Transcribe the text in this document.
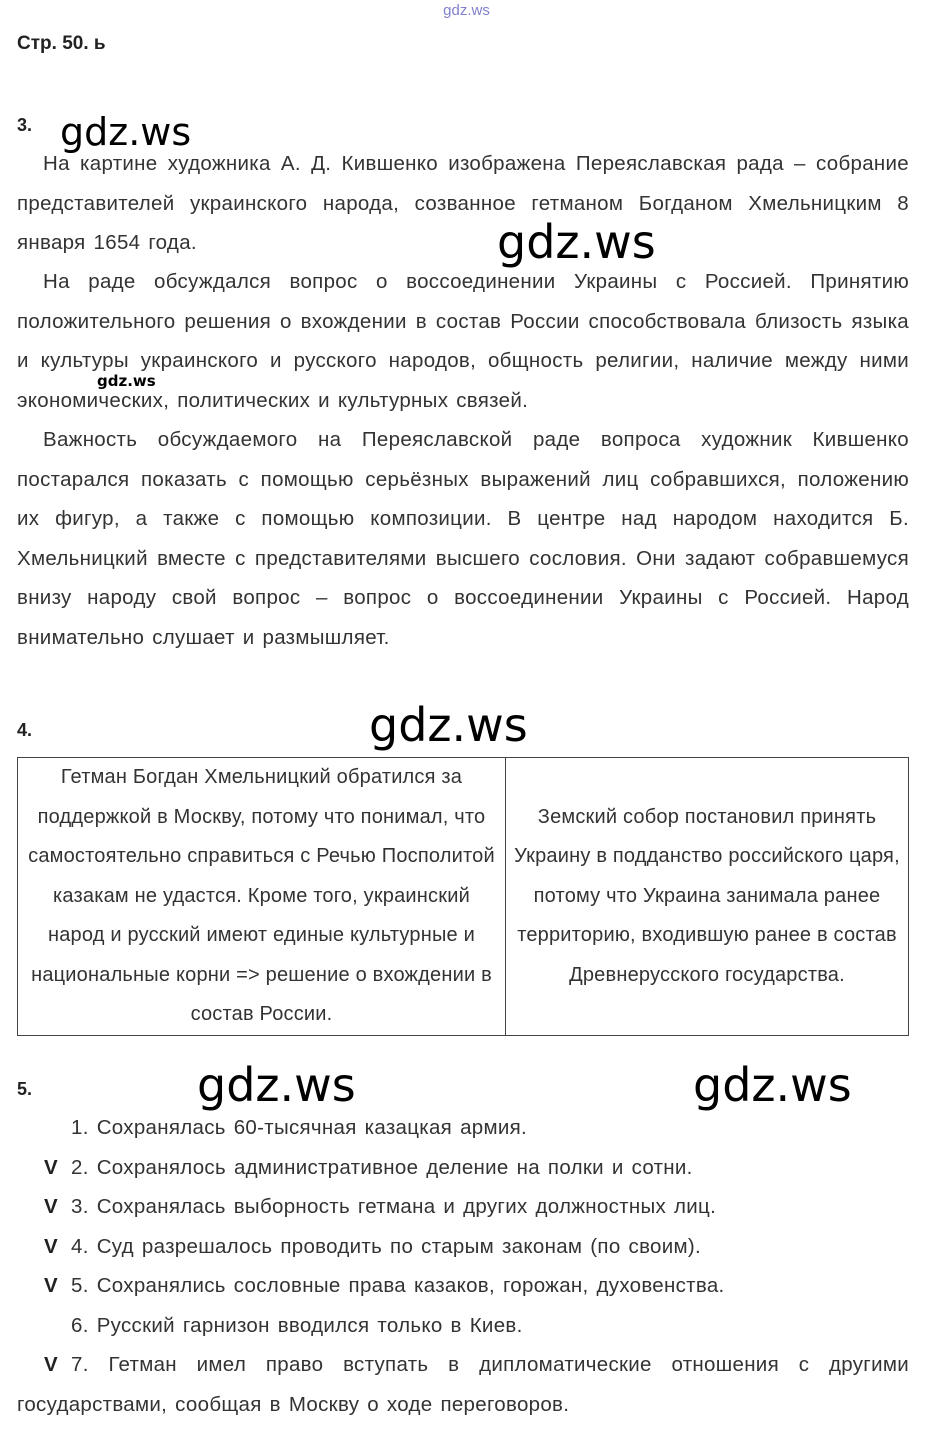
gdz.ws
Стр. 50. ь
3. gdz.ws

На картине художника А. Д. Кившенко изображена Переяславская рада – собрание представителей украинского народа, созванное гетманом Богданом Хмельницким 8 января 1654 года.	gdz.ws

На раде обсуждался вопрос о воссоединении Украины с Россией. Принятию положительного решения о вхождении в состав России способствовала близость языка и культуры украинского и русского народов, общность религии, наличие между ними экономических, политических и культурных связей.

gdz.ws

Важность обсуждаемого на Переяславской раде вопроса художник Кившенко постарался показать с помощью серьёзных выражений лиц собравшихся, положению их фигур, а также с помощью композиции. В центре над народом находится Б. Хмельницкий вместе с представителями высшего сословия. Они задают собравшемуся внизу народу свой вопрос – вопрос о воссоединении Украины с Россией. Народ внимательно слушает и размышляет.

4.	gdz.ws
Гетман Богдан Хмельницкий обратился за поддержкой в Москву, потому что понимал, что самостоятельно справиться с Речью Посполитой казакам не удастся. Кроме того, украинский народ и русский имеют единые культурные и национальные корни => решение о вхождении в состав России.	Земский собор постановил принять Украину в подданство российского царя, потому что Украина занимала ранее территорию, входившую ранее в состав Древнерусского государства.
5.	gdz.ws	gdz.ws
1. Сохранялась 60-тысячная казацкая армия.
V 2. Сохранялось административное деление на полки и сотни.
V 3. Сохранялась выборность гетмана и других должностных лиц.
V 4. Суд разрешалось проводить по старым законам (по своим).
V 5. Сохранялись сословные права казаков, горожан, духовенства.
6. Русский гарнизон вводился только в Киев.
V 7. Гетман имел право вступать в дипломатические отношения с другими государствами, сообщая в Москву о ходе переговоров.
